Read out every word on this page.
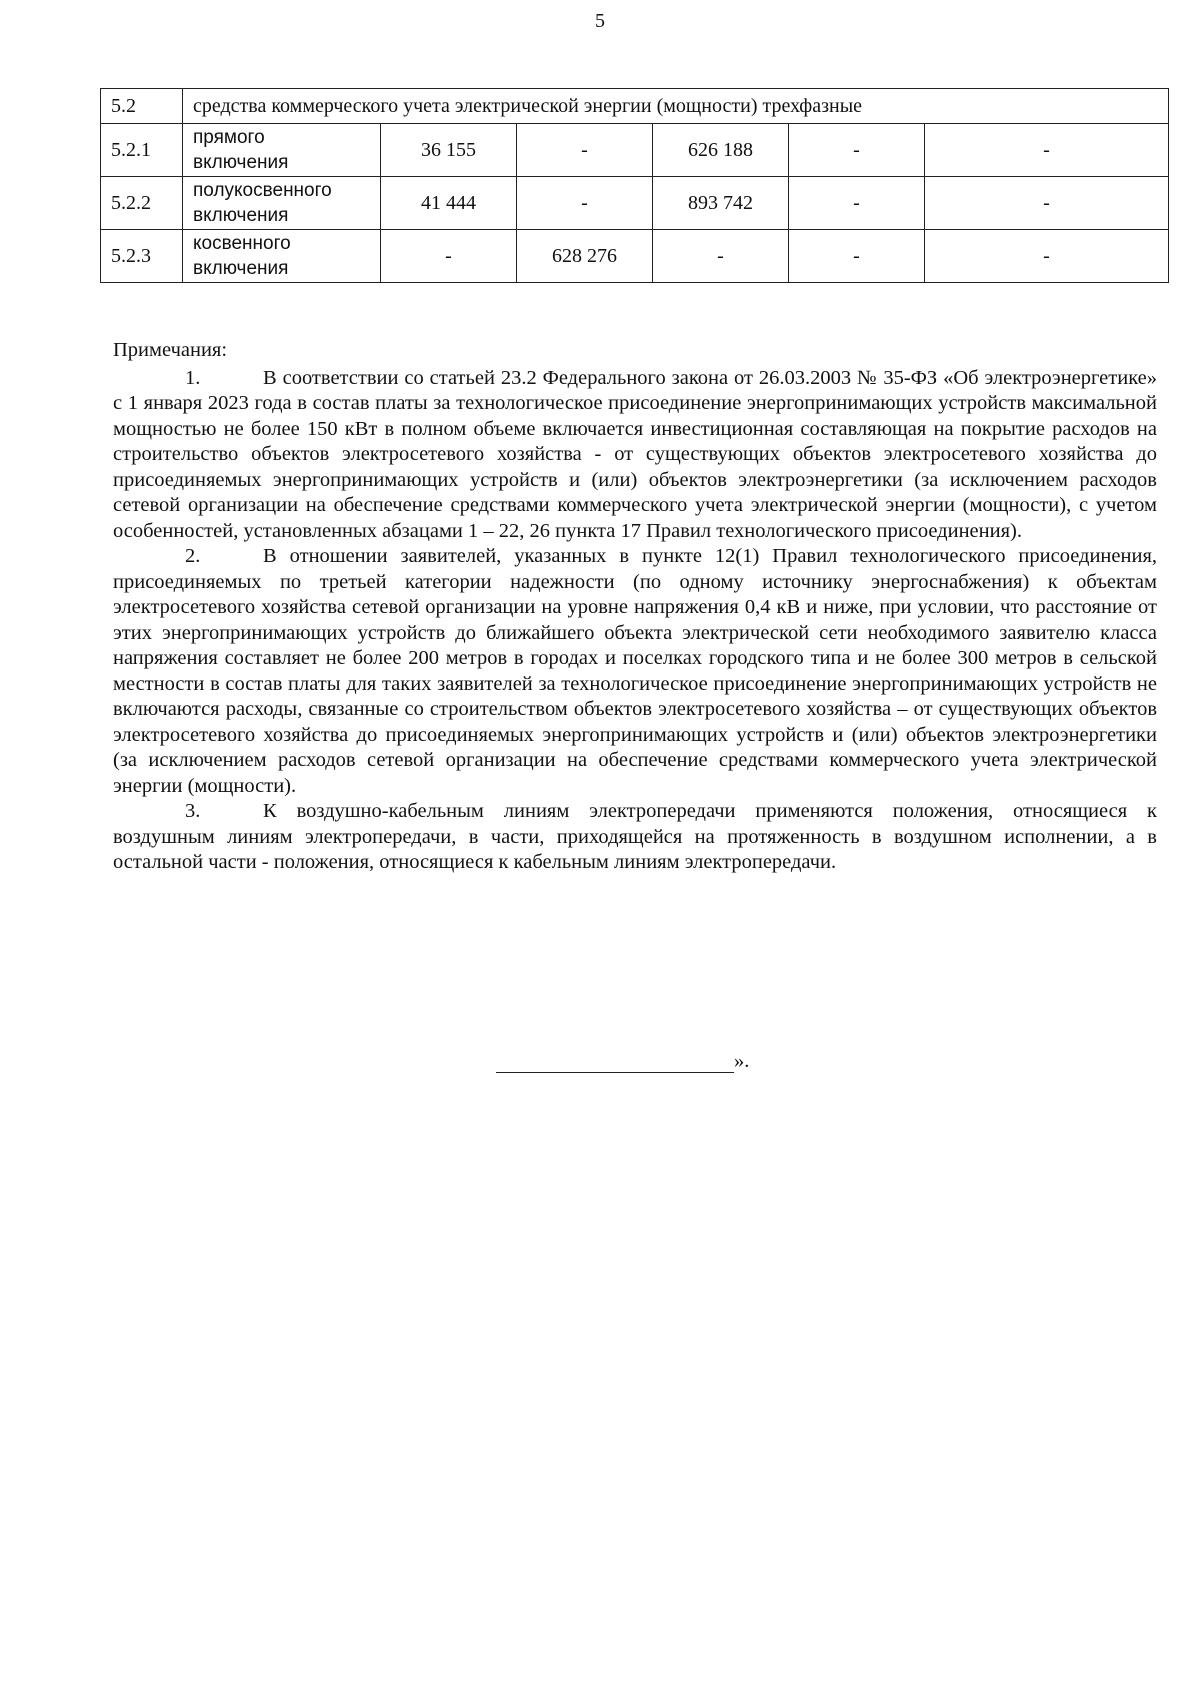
5
5.2	средства коммерческого учета электрической энергии (мощности) трехфазные					
5.2.1	прямого
включения	36 155	-	626 188	-	-
5.2.2	полукосвенного
включения	41 444	-	893 742	-	-
5.2.3	косвенного
включения	-	628 276	-	-	-

Примечания:

1.	В соответствии со статьей 23.2 Федерального закона от 26.03.2003 № 35-ФЗ «Об электроэнергетике» с 1 января 2023 года в состав платы за технологическое присоединение энергопринимающих устройств максимальной мощностью не более 150 кВт в полном объеме включается инвестиционная составляющая на покрытие расходов на строительство объектов электросетевого хозяйства - от существующих объектов электросетевого хозяйства до присоединяемых энергопринимающих устройств и (или) объектов электроэнергетики (за исключением расходов сетевой организации на обеспечение средствами коммерческого учета электрической энергии (мощности), с учетом особенностей, установленных абзацами 1 – 22, 26 пункта 17 Правил технологического присоединения).

2.	В отношении заявителей, указанных в пункте 12(1) Правил технологического присоединения, присоединяемых по третьей категории надежности (по одному источнику энергоснабжения) к объектам электросетевого хозяйства сетевой организации на уровне напряжения 0,4 кВ и ниже, при условии, что расстояние от этих энергопринимающих устройств до ближайшего объекта электрической сети необходимого заявителю класса напряжения составляет не более 200 метров в городах и поселках городского типа и не более 300 метров в сельской местности в состав платы для таких заявителей за технологическое присоединение энергопринимающих устройств не включаются расходы, связанные со строительством объектов электросетевого хозяйства – от существующих объектов электросетевого хозяйства до присоединяемых энергопринимающих устройств и (или) объектов электроэнергетики (за исключением расходов сетевой организации на обеспечение средствами коммерческого учета электрической энергии (мощности).

3.	К воздушно-кабельным линиям электропередачи применяются положения, относящиеся к воздушным линиям электропередачи, в части, приходящейся на протяженность в воздушном исполнении, а в остальной части - положения, относящиеся к кабельным линиям электропередачи.

».
